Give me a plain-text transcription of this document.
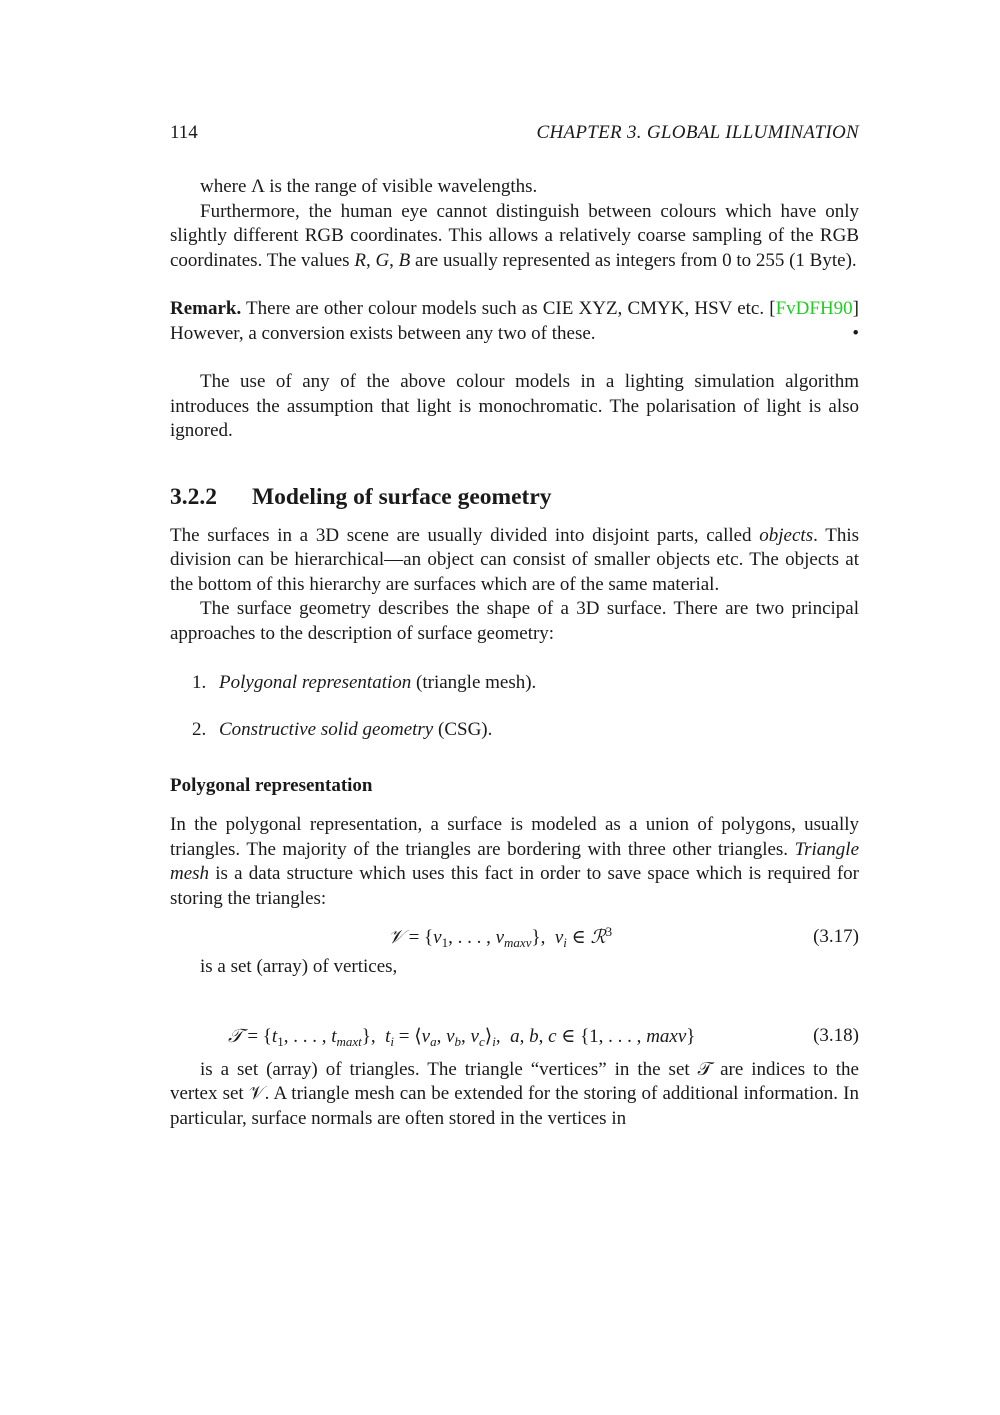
114	CHAPTER 3. GLOBAL ILLUMINATION

where Λ is the range of visible wavelengths.

Furthermore, the human eye cannot distinguish between colours which have only slightly different RGB coordinates. This allows a relatively coarse sampling of the RGB coordinates. The values R, G, B are usually represented as integers from 0 to 255 (1 Byte).

Remark. There are other colour models such as CIE XYZ, CMYK, HSV etc. [FvDFH90] However, a conversion exists between any two of these.	•

The use of any of the above colour models in a lighting simulation algorithm introduces the assumption that light is monochromatic. The polarisation of light is also ignored.

3.2.2 Modeling of surface geometry

The surfaces in a 3D scene are usually divided into disjoint parts, called objects. This division can be hierarchical—an object can consist of smaller objects etc. The objects at the bottom of this hierarchy are surfaces which are of the same material.

The surface geometry describes the shape of a 3D surface. There are two principal approaches to the description of surface geometry:

1. Polygonal representation (triangle mesh).
2. Constructive solid geometry (CSG).
Polygonal representation

In the polygonal representation, a surface is modeled as a union of polygons, usually triangles. The majority of the triangles are bordering with three other triangles. Triangle mesh is a data structure which uses this fact in order to save space which is required for storing the triangles:

𝒱 = {$v_1$, . . . , $v_{maxv}$},  $v_i$ ∈ ℛ$^3$	(3.17)

is a set (array) of vertices,

𝒯 = {$t_1$, . . . , $t_{maxt}$},  $t_i$ = $⟨v_a$, $v_b$, $v_c⟩_i$,  a, b, c ∈ {1, . . . , maxv}	(3.18)

is a set (array) of triangles. The triangle “vertices” in the set 𝒯 are indices to the vertex set 𝒱. A triangle mesh can be extended for the storing of additional information. In particular, surface normals are often stored in the vertices in
